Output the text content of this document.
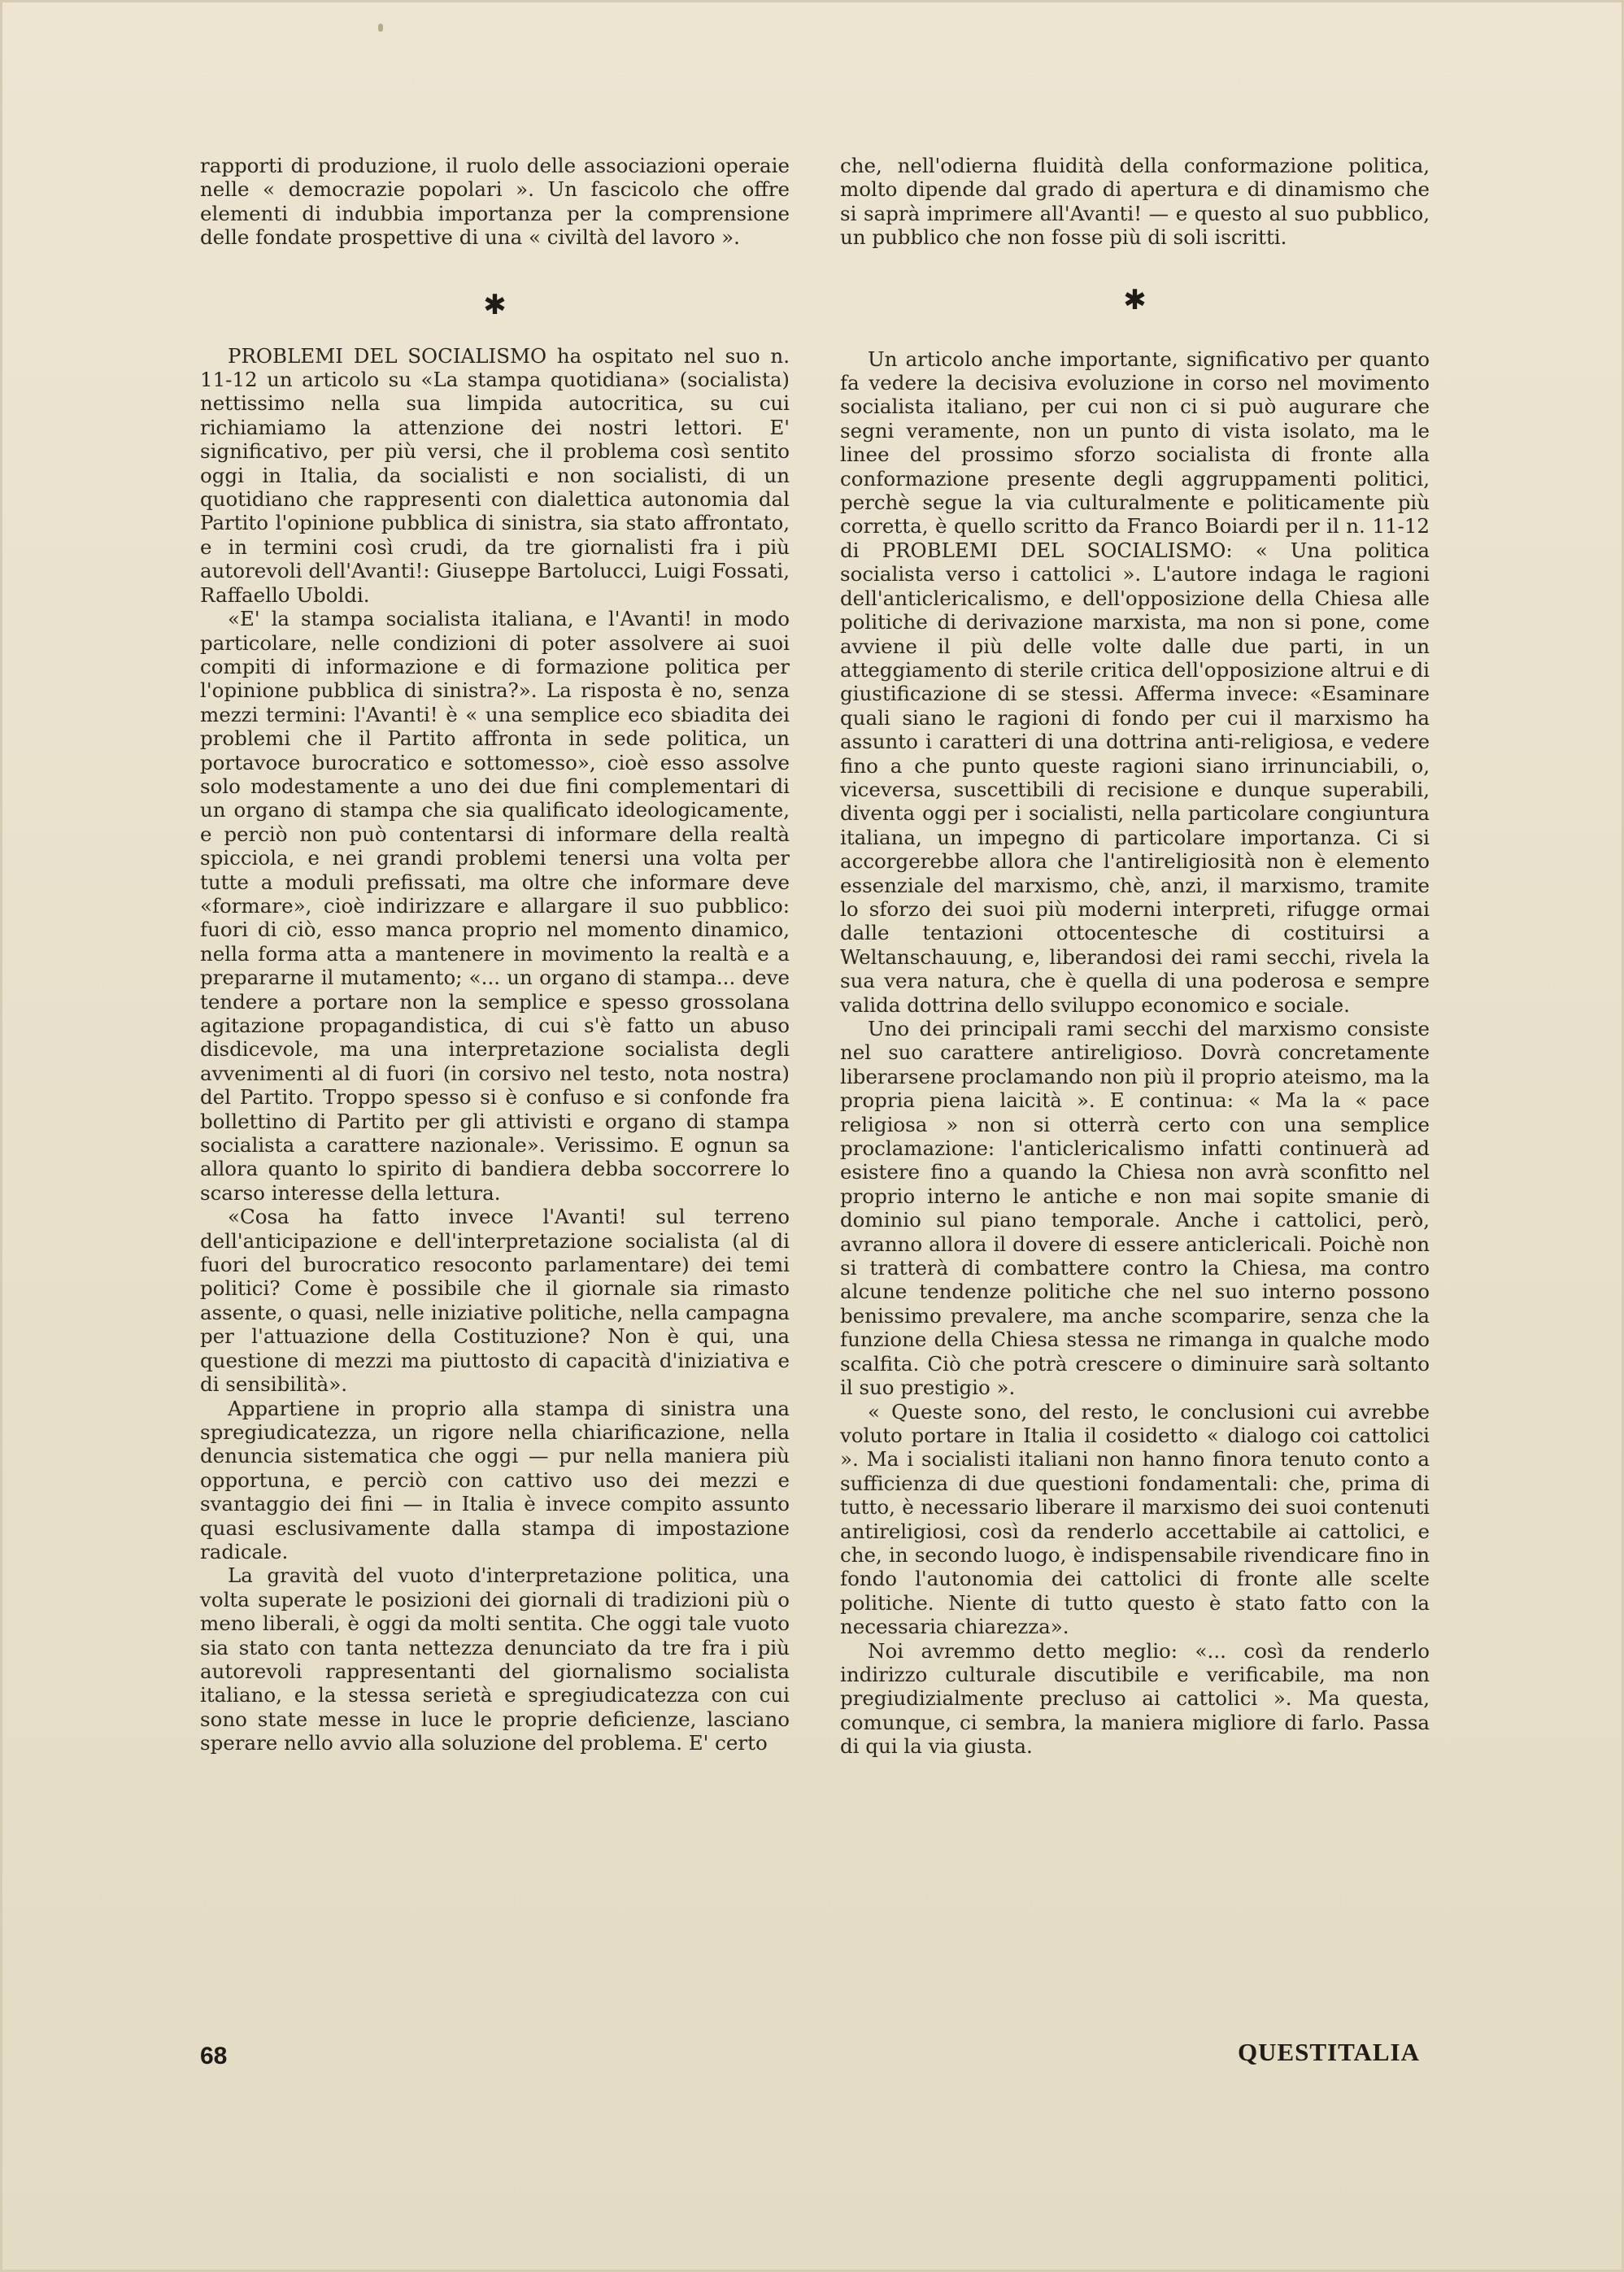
rapporti di produzione, il ruolo delle associazioni operaie nelle « democrazie popolari ». Un fascicolo che offre elementi di indubbia importanza per la comprensione delle fondate prospettive di una « civiltà del lavoro ».

✱

PROBLEMI DEL SOCIALISMO ha ospitato nel suo n. 11-12 un articolo su «La stampa quotidiana» (socialista) nettissimo nella sua limpida autocritica, su cui richiamiamo la attenzione dei nostri lettori. E' significativo, per più versi, che il problema così sentito oggi in Italia, da socialisti e non socialisti, di un quotidiano che rappresenti con dialettica autonomia dal Partito l'opinione pubblica di sinistra, sia stato affrontato, e in termini così crudi, da tre giornalisti fra i più autorevoli dell'Avanti!: Giuseppe Bartolucci, Luigi Fossati, Raffaello Uboldi.

«E' la stampa socialista italiana, e l'Avanti! in modo particolare, nelle condizioni di poter assolvere ai suoi compiti di informazione e di formazione politica per l'opinione pubblica di sinistra?». La risposta è no, senza mezzi termini: l'Avanti! è « una semplice eco sbiadita dei problemi che il Partito affronta in sede politica, un portavoce burocratico e sottomesso», cioè esso assolve solo modestamente a uno dei due fini complementari di un organo di stampa che sia qualificato ideologicamente, e perciò non può contentarsi di informare della realtà spicciola, e nei grandi problemi tenersi una volta per tutte a moduli prefissati, ma oltre che informare deve «formare», cioè indirizzare e allargare il suo pubblico: fuori di ciò, esso manca proprio nel momento dinamico, nella forma atta a mantenere in movimento la realtà e a prepararne il mutamento; «... un organo di stampa... deve tendere a portare non la semplice e spesso grossolana agitazione propagandistica, di cui s'è fatto un abuso disdicevole, ma una interpretazione socialista degli avvenimenti al di fuori (in corsivo nel testo, nota nostra) del Partito. Troppo spesso si è confuso e si confonde fra bollettino di Partito per gli attivisti e organo di stampa socialista a carattere nazionale». Verissimo. E ognun sa allora quanto lo spirito di bandiera debba soccorrere lo scarso interesse della lettura.

«Cosa ha fatto invece l'Avanti! sul terreno dell'anticipazione e dell'interpretazione socialista (al di fuori del burocratico resoconto parlamentare) dei temi politici? Come è possibile che il giornale sia rimasto assente, o quasi, nelle iniziative politiche, nella campagna per l'attuazione della Costituzione? Non è qui, una questione di mezzi ma piuttosto di capacità d'iniziativa e di sensibilità».

Appartiene in proprio alla stampa di sinistra una spregiudicatezza, un rigore nella chiarificazione, nella denuncia sistematica che oggi — pur nella maniera più opportuna, e perciò con cattivo uso dei mezzi e svantaggio dei fini — in Italia è invece compito assunto quasi esclusivamente dalla stampa di impostazione radicale.

La gravità del vuoto d'interpretazione politica, una volta superate le posizioni dei giornali di tradizioni più o meno liberali, è oggi da molti sentita. Che oggi tale vuoto sia stato con tanta nettezza denunciato da tre fra i più autorevoli rappresentanti del giornalismo socialista italiano, e la stessa serietà e spregiudicatezza con cui sono state messe in luce le proprie deficienze, lasciano sperare nello avvio alla soluzione del problema. E' certo

che, nell'odierna fluidità della conformazione politica, molto dipende dal grado di apertura e di dinamismo che si saprà imprimere all'Avanti! — e questo al suo pubblico, un pubblico che non fosse più di soli iscritti.

✱

Un articolo anche importante, significativo per quanto fa vedere la decisiva evoluzione in corso nel movimento socialista italiano, per cui non ci si può augurare che segni veramente, non un punto di vista isolato, ma le linee del prossimo sforzo socialista di fronte alla conformazione presente degli aggruppamenti politici, perchè segue la via culturalmente e politicamente più corretta, è quello scritto da Franco Boiardi per il n. 11-12 di PROBLEMI DEL SOCIALISMO: « Una politica socialista verso i cattolici ». L'autore indaga le ragioni dell'anticlericalismo, e dell'opposizione della Chiesa alle politiche di derivazione marxista, ma non si pone, come avviene il più delle volte dalle due parti, in un atteggiamento di sterile critica dell'opposizione altrui e di giustificazione di se stessi. Afferma invece: «Esaminare quali siano le ragioni di fondo per cui il marxismo ha assunto i caratteri di una dottrina anti-religiosa, e vedere fino a che punto queste ragioni siano irrinunciabili, o, viceversa, suscettibili di recisione e dunque superabili, diventa oggi per i socialisti, nella particolare congiuntura italiana, un impegno di particolare importanza. Ci si accorgerebbe allora che l'antireligiosità non è elemento essenziale del marxismo, chè, anzi, il marxismo, tramite lo sforzo dei suoi più moderni interpreti, rifugge ormai dalle tentazioni ottocentesche di costituirsi a Weltanschauung, e, liberandosi dei rami secchi, rivela la sua vera natura, che è quella di una poderosa e sempre valida dottrina dello sviluppo economico e sociale.

Uno dei principali rami secchi del marxismo consiste nel suo carattere antireligioso. Dovrà concretamente liberarsene proclamando non più il proprio ateismo, ma la propria piena laicità ». E continua: « Ma la « pace religiosa » non si otterrà certo con una semplice proclamazione: l'anticlericalismo infatti continuerà ad esistere fino a quando la Chiesa non avrà sconfitto nel proprio interno le antiche e non mai sopite smanie di dominio sul piano temporale. Anche i cattolici, però, avranno allora il dovere di essere anticlericali. Poichè non si tratterà di combattere contro la Chiesa, ma contro alcune tendenze politiche che nel suo interno possono benissimo prevalere, ma anche scomparire, senza che la funzione della Chiesa stessa ne rimanga in qualche modo scalfita. Ciò che potrà crescere o diminuire sarà soltanto il suo prestigio ».

« Queste sono, del resto, le conclusioni cui avrebbe voluto portare in Italia il cosidetto « dialogo coi cattolici ». Ma i socialisti italiani non hanno finora tenuto conto a sufficienza di due questioni fondamentali: che, prima di tutto, è necessario liberare il marxismo dei suoi contenuti antireligiosi, così da renderlo accettabile ai cattolici, e che, in secondo luogo, è indispensabile rivendicare fino in fondo l'autonomia dei cattolici di fronte alle scelte politiche. Niente di tutto questo è stato fatto con la necessaria chiarezza».

Noi avremmo detto meglio: «... così da renderlo indirizzo culturale discutibile e verificabile, ma non pregiudizialmente precluso ai cattolici ». Ma questa, comunque, ci sembra, la maniera migliore di farlo. Passa di qui la via giusta.

68	QUESTITALIA
